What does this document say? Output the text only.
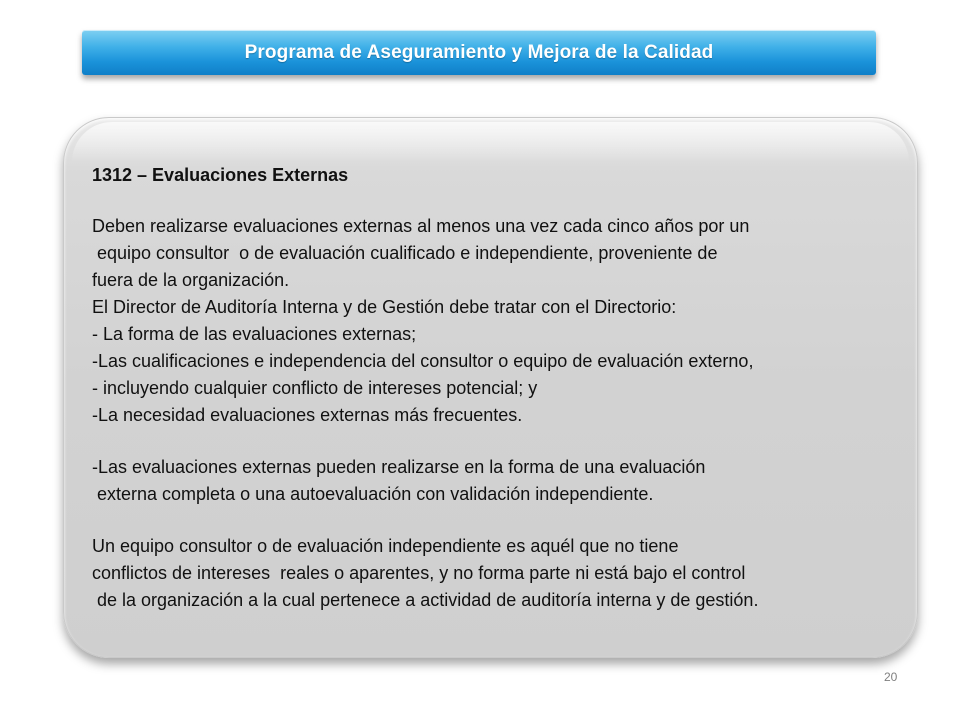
Programa de Aseguramiento y Mejora de la Calidad
1312 – Evaluaciones Externas
Deben realizarse evaluaciones externas al menos una vez cada cinco años por un
equipo consultor  o de evaluación cualificado e independiente, proveniente de
fuera de la organización.
El Director de Auditoría Interna y de Gestión debe tratar con el Directorio:
- La forma de las evaluaciones externas;
-Las cualificaciones e independencia del consultor o equipo de evaluación externo,
- incluyendo cualquier conflicto de intereses potencial; y
-La necesidad evaluaciones externas más frecuentes.
-Las evaluaciones externas pueden realizarse en la forma de una evaluación
externa completa o una autoevaluación con validación independiente.
Un equipo consultor o de evaluación independiente es aquél que no tiene
conflictos de intereses  reales o aparentes, y no forma parte ni está bajo el control
de la organización a la cual pertenece a actividad de auditoría interna y de gestión.
20
